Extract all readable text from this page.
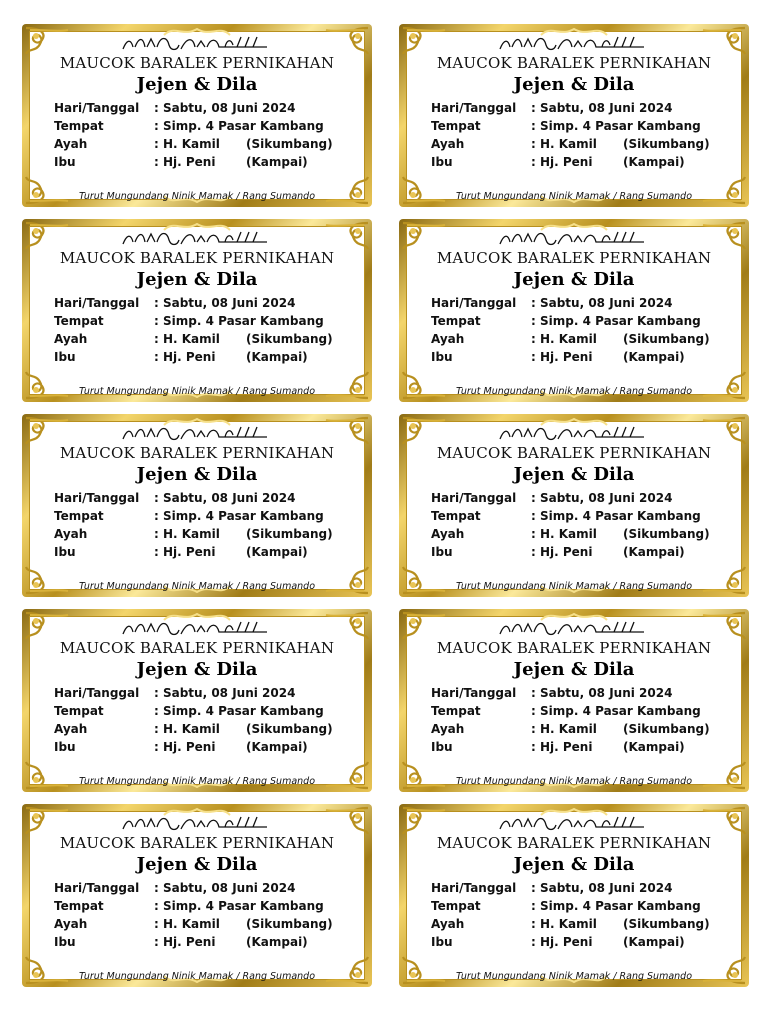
MAUCOK BARALEK PERNIKAHAN
Jejen & Dila
Hari/Tanggal : Sabtu, 08 Juni 2024
Tempat	: Simp. 4 Pasar Kambang
Ayah	: H. Kamil (Sikumbang)
Ibu	: Hj. Peni	(Kampai)
Turut Mungundang Ninik Mamak / Rang Sumando
MAUCOK BARALEK PERNIKAHAN
Jejen & Dila
Hari/Tanggal : Sabtu, 08 Juni 2024
Tempat	: Simp. 4 Pasar Kambang
Ayah	: H. Kamil (Sikumbang)
Ibu	: Hj. Peni	(Kampai)
Turut Mungundang Ninik Mamak / Rang Sumando
MAUCOK BARALEK PERNIKAHAN
Jejen & Dila
Hari/Tanggal : Sabtu, 08 Juni 2024
Tempat	: Simp. 4 Pasar Kambang
Ayah	: H. Kamil (Sikumbang)
Ibu	: Hj. Peni	(Kampai)
Turut Mungundang Ninik Mamak / Rang Sumando
MAUCOK BARALEK PERNIKAHAN
Jejen & Dila
Hari/Tanggal : Sabtu, 08 Juni 2024
Tempat	: Simp. 4 Pasar Kambang
Ayah	: H. Kamil (Sikumbang)
Ibu	: Hj. Peni	(Kampai)
Turut Mungundang Ninik Mamak / Rang Sumando
MAUCOK BARALEK PERNIKAHAN
Jejen & Dila
Hari/Tanggal : Sabtu, 08 Juni 2024
Tempat	: Simp. 4 Pasar Kambang
Ayah	: H. Kamil (Sikumbang)
Ibu	: Hj. Peni	(Kampai)
Turut Mungundang Ninik Mamak / Rang Sumando
MAUCOK BARALEK PERNIKAHAN
Jejen & Dila
Hari/Tanggal : Sabtu, 08 Juni 2024
Tempat	: Simp. 4 Pasar Kambang
Ayah	: H. Kamil (Sikumbang)
Ibu	: Hj. Peni	(Kampai)
Turut Mungundang Ninik Mamak / Rang Sumando
MAUCOK BARALEK PERNIKAHAN
Jejen & Dila
Hari/Tanggal : Sabtu, 08 Juni 2024
Tempat	: Simp. 4 Pasar Kambang
Ayah	: H. Kamil (Sikumbang)
Ibu	: Hj. Peni	(Kampai)
Turut Mungundang Ninik Mamak / Rang Sumando
MAUCOK BARALEK PERNIKAHAN
Jejen & Dila
Hari/Tanggal : Sabtu, 08 Juni 2024
Tempat	: Simp. 4 Pasar Kambang
Ayah	: H. Kamil (Sikumbang)
Ibu	: Hj. Peni	(Kampai)
Turut Mungundang Ninik Mamak / Rang Sumando
MAUCOK BARALEK PERNIKAHAN
Jejen & Dila
Hari/Tanggal : Sabtu, 08 Juni 2024
Tempat	: Simp. 4 Pasar Kambang
Ayah	: H. Kamil (Sikumbang)
Ibu	: Hj. Peni	(Kampai)
Turut Mungundang Ninik Mamak / Rang Sumando
MAUCOK BARALEK PERNIKAHAN
Jejen & Dila
Hari/Tanggal : Sabtu, 08 Juni 2024
Tempat	: Simp. 4 Pasar Kambang
Ayah	: H. Kamil (Sikumbang)
Ibu	: Hj. Peni	(Kampai)
Turut Mungundang Ninik Mamak / Rang Sumando
